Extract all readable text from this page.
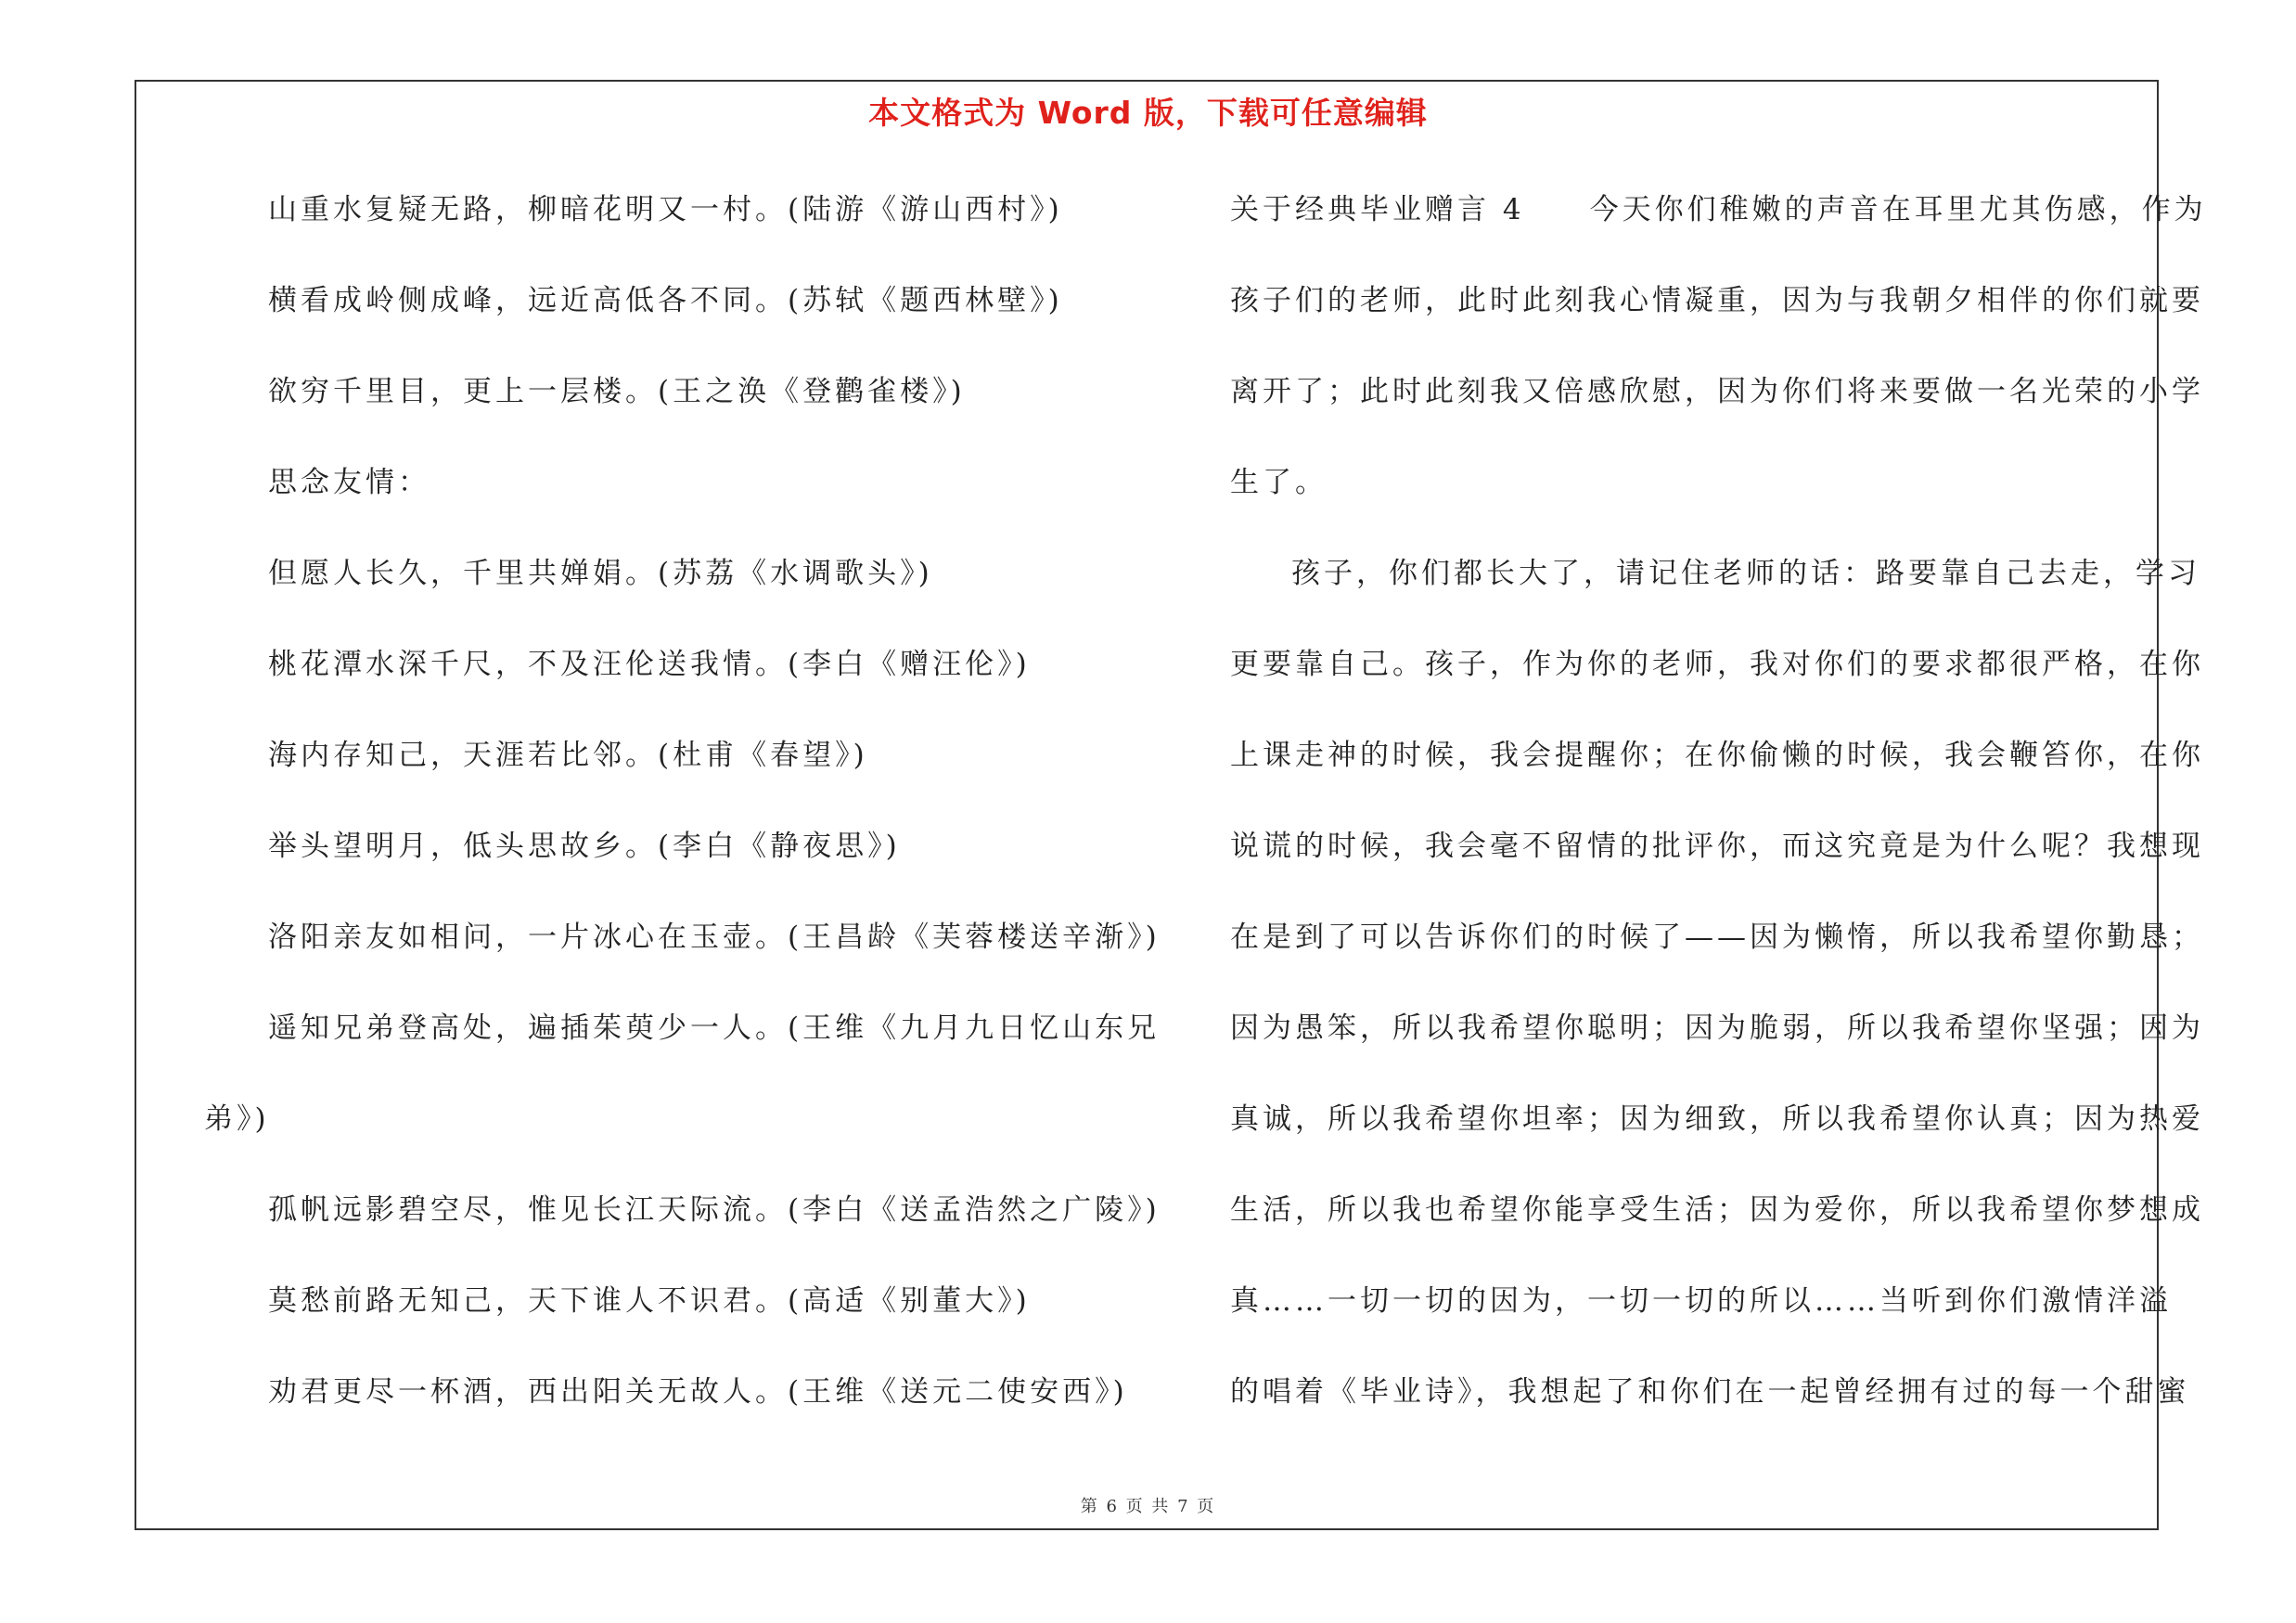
本文格式为 Word 版，下载可任意编辑
山重水复疑无路，柳暗花明又一村。(陆游《游山西村》)
横看成岭侧成峰，远近高低各不同。(苏轼《题西林壁》)
欲穷千里目，更上一层楼。(王之涣《登鹳雀楼》)
思念友情：
但愿人长久，千里共婵娟。(苏荔《水调歌头》)
桃花潭水深千尺，不及汪伦送我情。(李白《赠汪伦》)
海内存知己，天涯若比邻。(杜甫《春望》)
举头望明月，低头思故乡。(李白《静夜思》)
洛阳亲友如相问，一片冰心在玉壶。(王昌龄《芙蓉楼送辛渐》)
遥知兄弟登高处，遍插茱萸少一人。(王维《九月九日忆山东兄
弟》)
孤帆远影碧空尽，惟见长江天际流。(李白《送孟浩然之广陵》)
莫愁前路无知己，天下谁人不识君。(高适《别董大》)
劝君更尽一杯酒，西出阳关无故人。(王维《送元二使安西》)
关于经典毕业赠言 4　　今天你们稚嫩的声音在耳里尤其伤感，作为
孩子们的老师，此时此刻我心情凝重，因为与我朝夕相伴的你们就要
离开了；此时此刻我又倍感欣慰，因为你们将来要做一名光荣的小学
生了。
孩子，你们都长大了，请记住老师的话：路要靠自己去走，学习
更要靠自己。孩子，作为你的老师，我对你们的要求都很严格，在你
上课走神的时候，我会提醒你；在你偷懒的时候，我会鞭笞你，在你
说谎的时候，我会毫不留情的批评你，而这究竟是为什么呢？我想现
在是到了可以告诉你们的时候了——因为懒惰，所以我希望你勤恳；
因为愚笨，所以我希望你聪明；因为脆弱，所以我希望你坚强；因为
真诚，所以我希望你坦率；因为细致，所以我希望你认真；因为热爱
生活，所以我也希望你能享受生活；因为爱你，所以我希望你梦想成
真……一切一切的因为，一切一切的所以……当听到你们激情洋溢
的唱着《毕业诗》，我想起了和你们在一起曾经拥有过的每一个甜蜜
第 6 页 共 7 页
